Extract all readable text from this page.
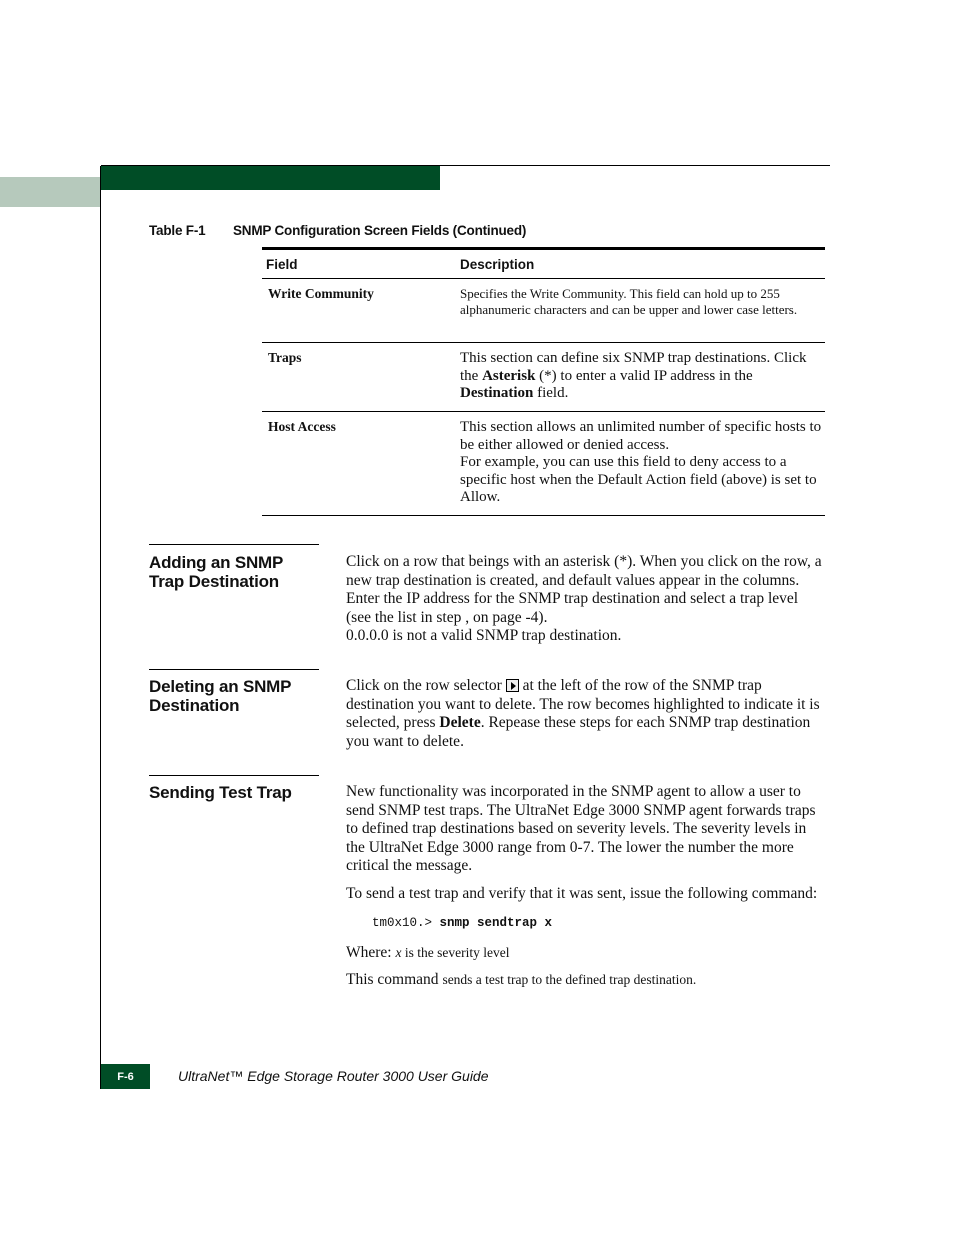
Table F-1 SNMP Configuration Screen Fields (Continued)
Field	Description
Write Community	Specifies the Write Community. This field can hold up to 255 alphanumeric characters and can be upper and lower case letters.
Traps	This section can define six SNMP trap destinations. Click the Asterisk (*) to enter a valid IP address in the Destination field.
Host Access	This section allows an unlimited number of specific hosts to be either allowed or denied access.
For example, you can use this field to deny access to a specific host when the Default Action field (above) is set to Allow.
Adding an SNMP
Trap Destination

Click on a row that beings with an asterisk (*). When you click on the row, a new trap destination is created, and default values appear in the columns. Enter the IP address for the SNMP trap destination and select a trap level (see the list in step , on page -4).

0.0.0.0 is not a valid SNMP trap destination.

Deleting an SNMP
Destination

Click on the row selector  at the left of the row of the SNMP trap destination you want to delete. The row becomes highlighted to indicate it is selected, press Delete. Repease these steps for each SNMP trap destination you want to delete.

Sending Test Trap	New functionality was incorporated in the SNMP agent to allow a user to send SNMP test traps. The UltraNet Edge 3000 SNMP agent forwards traps to defined trap destinations based on severity levels. The severity levels in the UltraNet Edge 3000 range from 0-7. The lower the number the more critical the message.

To send a test trap and verify that it was sent, issue the following command:

tm0x10.> snmp sendtrap x

Where: x is the severity level

This command sends a test trap to the defined trap destination.

F-6	UltraNet™ Edge Storage Router 3000 User Guide
